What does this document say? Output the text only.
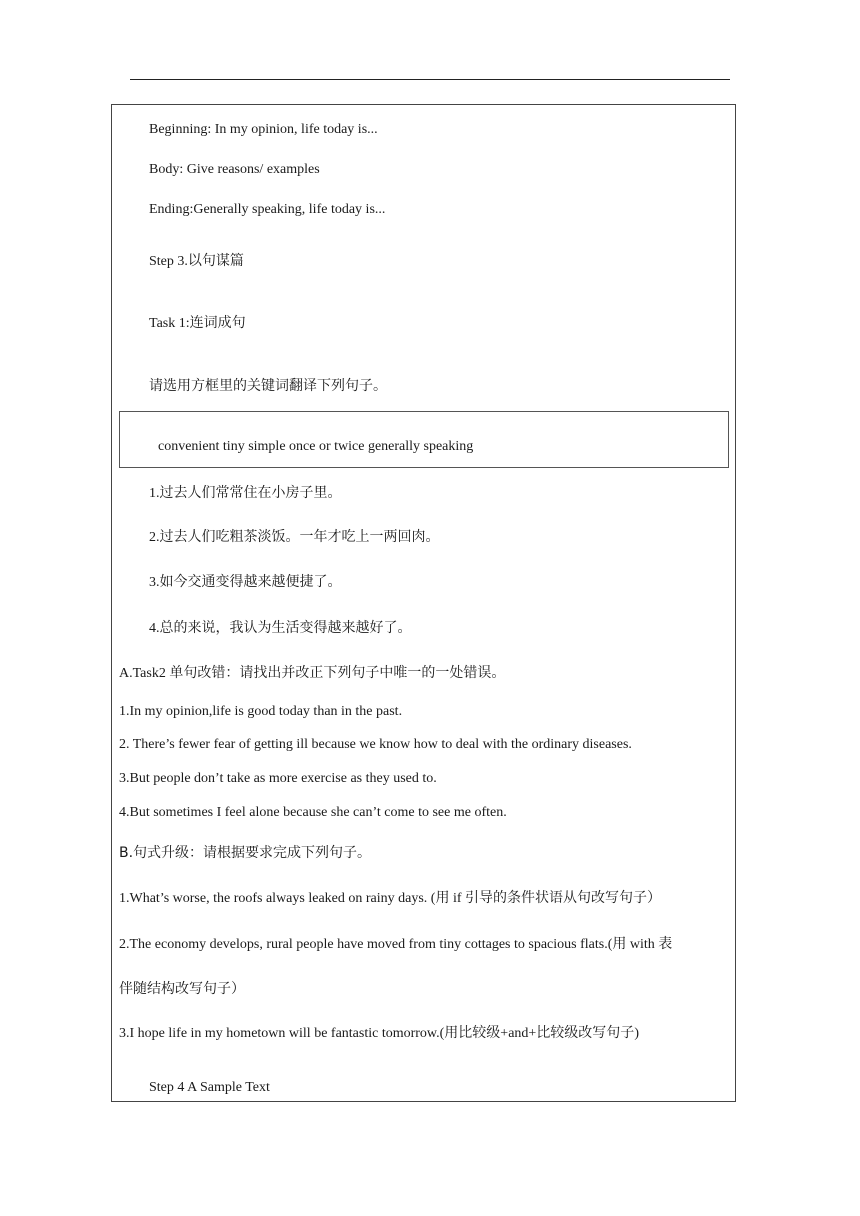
Beginning: In my opinion, life today is...
Body: Give reasons/ examples
Ending:Generally speaking, life today is...
Step 3.以句谋篇
Task 1:连词成句
请选用方框里的关键词翻译下列句子。
convenient tiny simple once or twice generally speaking
1.过去人们常常住在小房子里。
2.过去人们吃粗茶淡饭。一年才吃上一两回肉。
3.如今交通变得越来越便捷了。
4.总的来说，我认为生活变得越来越好了。
A.Task2 单句改错：请找出并改正下列句子中唯一的一处错误。
1.In my opinion,life is good today than in the past.
2. There’s fewer fear of getting ill because we know how to deal with the ordinary diseases.
3.But people don’t take as more exercise as they used to.
4.But sometimes I feel alone because she can’t come to see me often.
B.句式升级：请根据要求完成下列句子。
1.What’s worse, the roofs always leaked on rainy days. (用 if 引导的条件状语从句改写句子）
2.The economy develops, rural people have moved from tiny cottages to spacious flats.(用 with 表
伴随结构改写句子）
3.I hope life in my hometown will be fantastic tomorrow.(用比较级+and+比较级改写句子)
Step 4 A Sample Text
